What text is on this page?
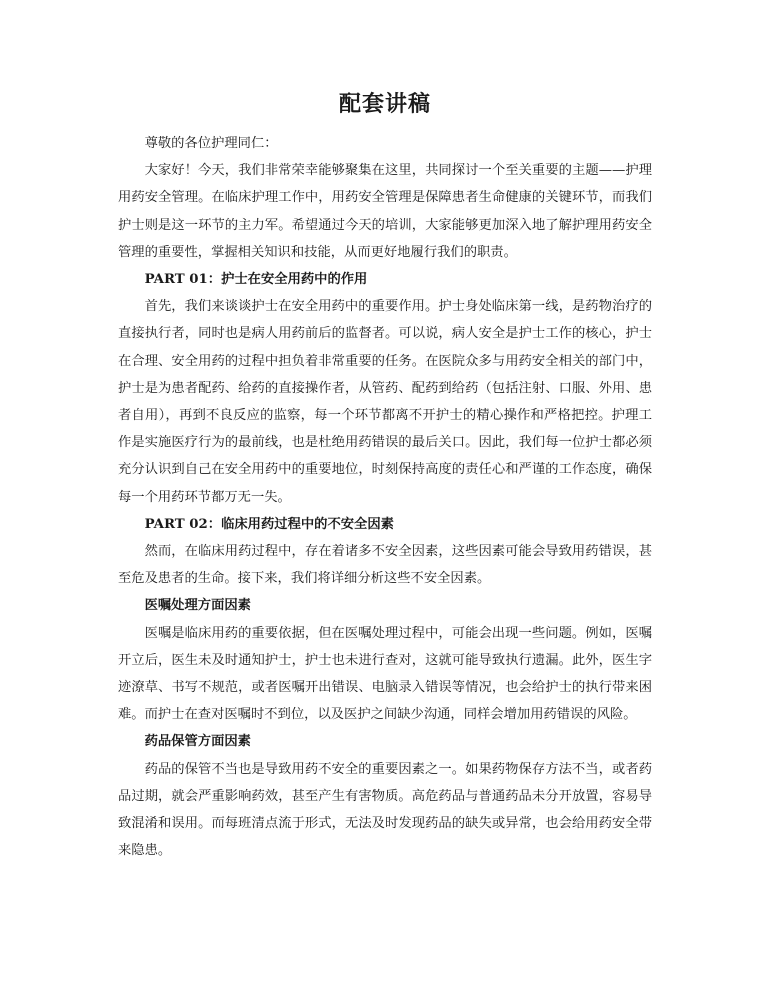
配套讲稿

尊敬的各位护理同仁：

大家好！今天，我们非常荣幸能够聚集在这里，共同探讨一个至关重要的主题——护理用药安全管理。在临床护理工作中，用药安全管理是保障患者生命健康的关键环节，而我们护士则是这一环节的主力军。希望通过今天的培训，大家能够更加深入地了解护理用药安全管理的重要性，掌握相关知识和技能，从而更好地履行我们的职责。

PART 01：护士在安全用药中的作用

首先，我们来谈谈护士在安全用药中的重要作用。护士身处临床第一线，是药物治疗的直接执行者，同时也是病人用药前后的监督者。可以说，病人安全是护士工作的核心，护士在合理、安全用药的过程中担负着非常重要的任务。在医院众多与用药安全相关的部门中，护士是为患者配药、给药的直接操作者，从管药、配药到给药（包括注射、口服、外用、患者自用），再到不良反应的监察，每一个环节都离不开护士的精心操作和严格把控。护理工作是实施医疗行为的最前线，也是杜绝用药错误的最后关口。因此，我们每一位护士都必须充分认识到自己在安全用药中的重要地位，时刻保持高度的责任心和严谨的工作态度，确保每一个用药环节都万无一失。

PART 02：临床用药过程中的不安全因素

然而，在临床用药过程中，存在着诸多不安全因素，这些因素可能会导致用药错误，甚至危及患者的生命。接下来，我们将详细分析这些不安全因素。

医嘱处理方面因素

医嘱是临床用药的重要依据，但在医嘱处理过程中，可能会出现一些问题。例如，医嘱开立后，医生未及时通知护士，护士也未进行查对，这就可能导致执行遗漏。此外，医生字迹潦草、书写不规范，或者医嘱开出错误、电脑录入错误等情况，也会给护士的执行带来困难。而护士在查对医嘱时不到位，以及医护之间缺少沟通，同样会增加用药错误的风险。

药品保管方面因素

药品的保管不当也是导致用药不安全的重要因素之一。如果药物保存方法不当，或者药品过期，就会严重影响药效，甚至产生有害物质。高危药品与普通药品未分开放置，容易导致混淆和误用。而每班清点流于形式，无法及时发现药品的缺失或异常，也会给用药安全带来隐患。
